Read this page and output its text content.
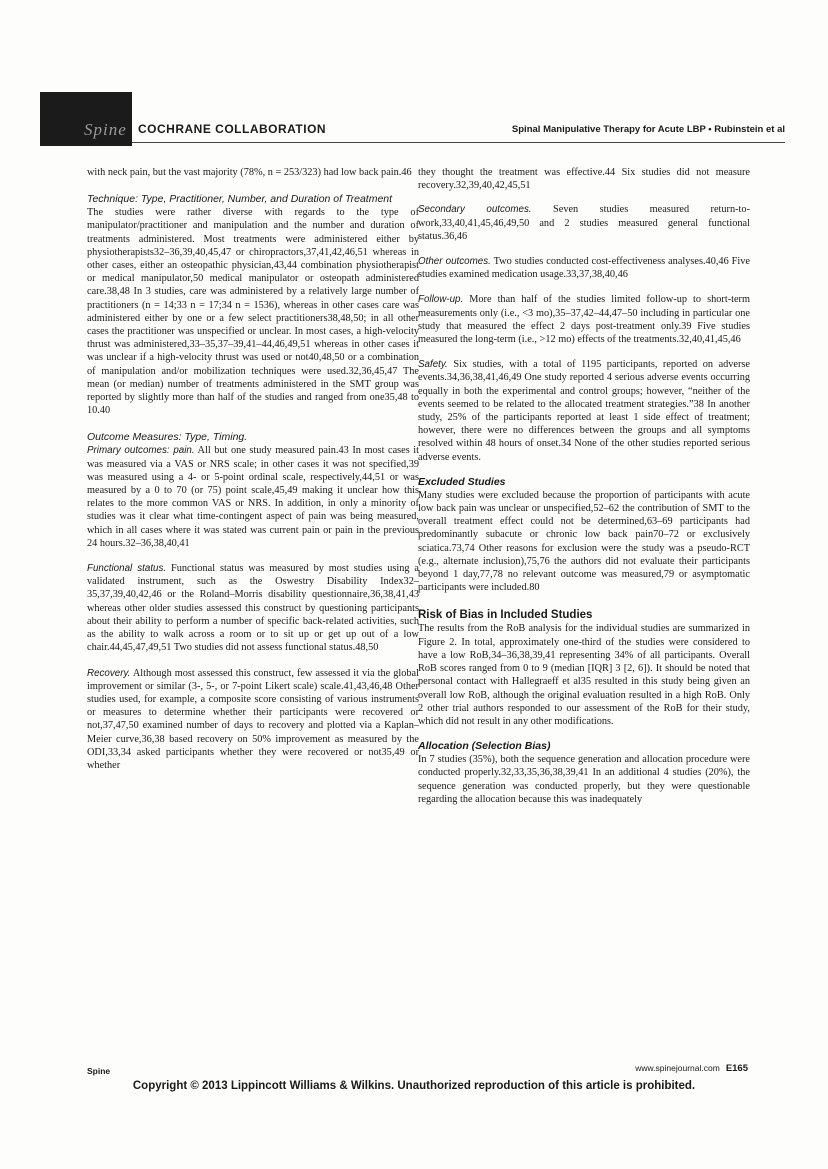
Spine COCHRANE COLLABORATION	Spinal Manipulative Therapy for Acute LBP • Rubinstein et al

with neck pain, but the vast majority (78%, n = 253/323) had low back pain.46

Technique: Type, Practitioner, Number, and Duration of Treatment

The studies were rather diverse with regards to the type of manipulator/practitioner and manipulation and the number and duration of treatments administered. Most treatments were administered either by physiotherapists32–36,39,40,45,47 or chiropractors,37,41,42,46,51 whereas in other cases, either an osteopathic physician,43,44 combination physiotherapist or medical manipulator,50 medical manipulator or osteopath administered care.38,48 In 3 studies, care was administered by a relatively large number of practitioners (n = 14;33 n = 17;34 n = 1536), whereas in other cases care was administered either by one or a few select practitioners38,48,50; in all other cases the practitioner was unspecified or unclear. In most cases, a high-velocity thrust was administered,33–35,37–39,41–44,46,49,51 whereas in other cases it was unclear if a high-velocity thrust was used or not40,48,50 or a combination of manipulation and/or mobilization techniques were used.32,36,45,47 The mean (or median) number of treatments administered in the SMT group was reported by slightly more than half of the studies and ranged from one35,48 to 10.40

Outcome Measures: Type, Timing.

Primary outcomes: pain. All but one study measured pain.43 In most cases it was measured via a VAS or NRS scale; in other cases it was not specified,39 was measured using a 4- or 5-point ordinal scale, respectively,44,51 or was measured by a 0 to 70 (or 75) point scale,45,49 making it unclear how this relates to the more common VAS or NRS. In addition, in only a minority of studies was it clear what time-contingent aspect of pain was being measured, which in all cases where it was stated was current pain or pain in the previous 24 hours.32–36,38,40,41

Functional status. Functional status was measured by most studies using a validated instrument, such as the Oswestry Disability Index32–35,37,39,40,42,46 or the Roland–Morris disability questionnaire,36,38,41,43 whereas other older studies assessed this construct by questioning participants about their ability to perform a number of specific back-related activities, such as the ability to walk across a room or to sit up or get up out of a low chair.44,45,47,49,51 Two studies did not assess functional status.48,50

Recovery. Although most assessed this construct, few assessed it via the global improvement or similar (3-, 5-, or 7-point Likert scale) scale.41,43,46,48 Other studies used, for example, a composite score consisting of various instruments or measures to determine whether their participants were recovered or not,37,47,50 examined number of days to recovery and plotted via a Kaplan–Meier curve,36,38 based recovery on 50% improvement as measured by the ODI,33,34 asked participants whether they were recovered or not35,49 or whether

they thought the treatment was effective.44 Six studies did not measure recovery.32,39,40,42,45,51

Secondary outcomes. Seven studies measured return-to-work,33,40,41,45,46,49,50 and 2 studies measured general functional status.36,46

Other outcomes. Two studies conducted cost-effectiveness analyses.40,46 Five studies examined medication usage.33,37,38,40,46

Follow-up. More than half of the studies limited follow-up to short-term measurements only (i.e., <3 mo),35–37,42–44,47–50 including in particular one study that measured the effect 2 days post-treatment only.39 Five studies measured the long-term (i.e., >12 mo) effects of the treatments.32,40,41,45,46

Safety. Six studies, with a total of 1195 participants, reported on adverse events.34,36,38,41,46,49 One study reported 4 serious adverse events occurring equally in both the experimental and control groups; however, “neither of the events seemed to be related to the allocated treatment strategies.”38 In another study, 25% of the participants reported at least 1 side effect of treatment; however, there were no differences between the groups and all symptoms resolved within 48 hours of onset.34 None of the other studies reported serious adverse events.

Excluded Studies

Many studies were excluded because the proportion of participants with acute low back pain was unclear or unspecified,52–62 the contribution of SMT to the overall treatment effect could not be determined,63–69 participants had predominantly subacute or chronic low back pain70–72 or exclusively sciatica.73,74 Other reasons for exclusion were the study was a pseudo-RCT (e.g., alternate inclusion),75,76 the authors did not evaluate their participants beyond 1 day,77,78 no relevant outcome was measured,79 or asymptomatic participants were included.80

Risk of Bias in Included Studies

The results from the RoB analysis for the individual studies are summarized in Figure 2. In total, approximately one-third of the studies were considered to have a low RoB,34–36,38,39,41 representing 34% of all participants. Overall RoB scores ranged from 0 to 9 (median [IQR] 3 [2, 6]). It should be noted that personal contact with Hallegraeff et al35 resulted in this study being given an overall low RoB, although the original evaluation resulted in a high RoB. Only 2 other trial authors responded to our assessment of the RoB for their study, which did not result in any other modifications.

Allocation (Selection Bias)

In 7 studies (35%), both the sequence generation and allocation procedure were conducted properly.32,33,35,36,38,39,41 In an additional 4 studies (20%), the sequence generation was conducted properly, but they were questionable regarding the allocation because this was inadequately

Spine	www.spinejournal.com E165
Copyright © 2013 Lippincott Williams & Wilkins. Unauthorized reproduction of this article is prohibited.
